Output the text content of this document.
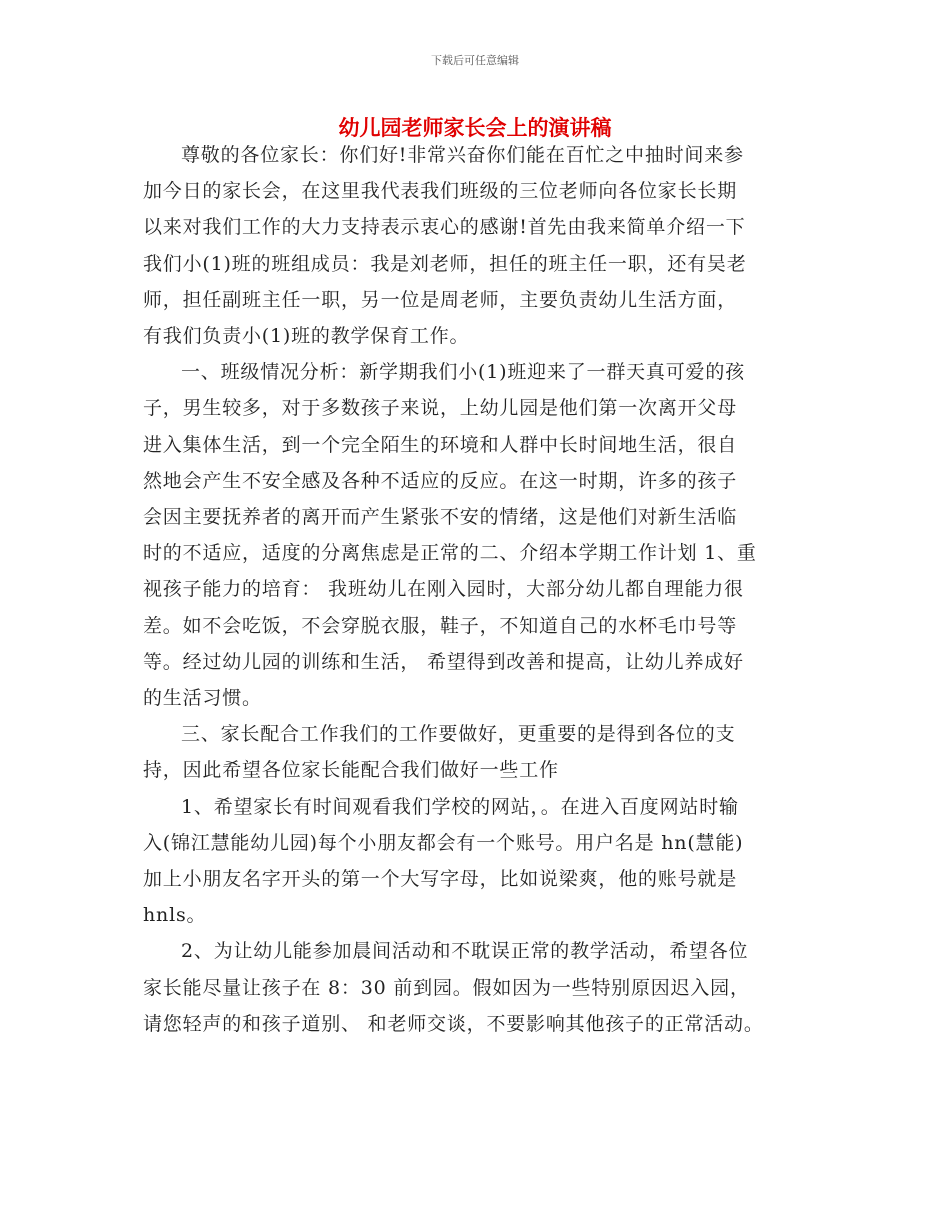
下载后可任意编辑
幼儿园老师家长会上的演讲稿

尊敬的各位家长：你们好!非常兴奋你们能在百忙之中抽时间来参
加今日的家长会，在这里我代表我们班级的三位老师向各位家长长期
以来对我们工作的大力支持表示衷心的感谢!首先由我来简单介绍一下
我们小(1)班的班组成员：我是刘老师，担任的班主任一职，还有吴老
师，担任副班主任一职，另一位是周老师，主要负责幼儿生活方面，
有我们负责小(1)班的教学保育工作。

一、班级情况分析：新学期我们小(1)班迎来了一群天真可爱的孩
子，男生较多，对于多数孩子来说，上幼儿园是他们第一次离开父母
进入集体生活，到一个完全陌生的环境和人群中长时间地生活，很自
然地会产生不安全感及各种不适应的反应。在这一时期，许多的孩子
会因主要抚养者的离开而产生紧张不安的情绪，这是他们对新生活临
时的不适应，适度的分离焦虑是正常的二、介绍本学期工作计划 1、重
视孩子能力的培育： 我班幼儿在刚入园时，大部分幼儿都自理能力很
差。如不会吃饭，不会穿脱衣服，鞋子，不知道自己的水杯毛巾号等
等。经过幼儿园的训练和生活， 希望得到改善和提高，让幼儿养成好
的生活习惯。

三、家长配合工作我们的工作要做好，更重要的是得到各位的支
持，因此希望各位家长能配合我们做好一些工作

1、希望家长有时间观看我们学校的网站，。在进入百度网站时输
入(锦江慧能幼儿园)每个小朋友都会有一个账号。用户名是 hn(慧能)
加上小朋友名字开头的第一个大写字母，比如说梁爽，他的账号就是
hnls。

2、为让幼儿能参加晨间活动和不耽误正常的教学活动，希望各位
家长能尽量让孩子在 8：30 前到园。假如因为一些特别原因迟入园，
请您轻声的和孩子道别、 和老师交谈，不要影响其他孩子的正常活动。
